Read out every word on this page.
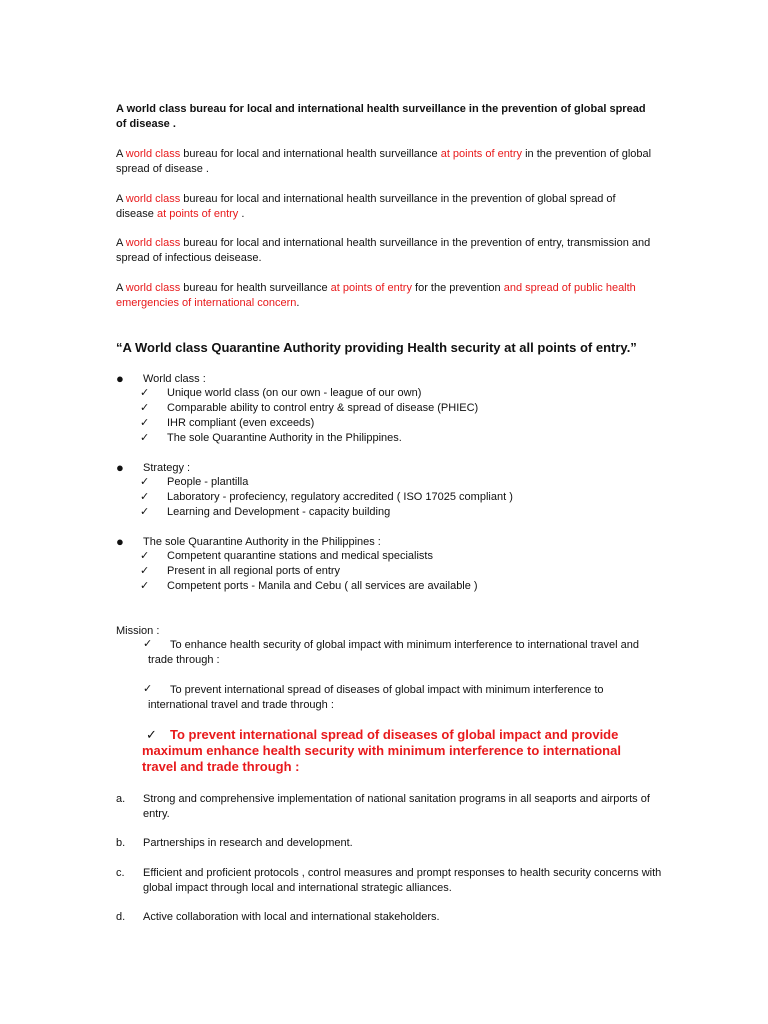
A world class bureau for local and international health surveillance in the prevention of global spread of disease .
A world class bureau for local and international health surveillance at points of entry in the prevention of global spread of disease .
A world class bureau for local and international health surveillance in the prevention of global spread of disease at points of entry .
A world class bureau for local and international health surveillance in the prevention of entry, transmission and spread of infectious deisease.
A world class bureau for health surveillance at points of entry for the prevention and spread of public health emergencies of international concern.
“A World class Quarantine Authority providing Health security at all points of entry.”
● World class :
✓ Unique world class (on our own - league of our own)
✓ Comparable ability to control entry & spread of disease (PHIEC)
✓ IHR compliant (even exceeds)
✓ The sole Quarantine Authority in the Philippines.
● Strategy :
✓ People - plantilla
✓ Laboratory - profeciency, regulatory accredited ( ISO 17025 compliant )
✓ Learning and Development - capacity building
● The sole Quarantine Authority in the Philippines :
✓ Competent quarantine stations and medical specialists
✓ Present in all regional ports of entry
✓ Competent ports - Manila and Cebu ( all services are available )
Mission :
✓	To enhance health security of global impact with minimum interference to international travel and trade through :
✓	To prevent international spread of diseases of global impact with minimum interference to international travel and trade through :
✓	To prevent international spread of diseases of global impact and provide maximum enhance health security with minimum interference to international travel and trade through :
a. Strong and comprehensive implementation of national sanitation programs in all seaports and airports of entry.
b. Partnerships in research and development.
c. Efficient and proficient protocols , control measures and prompt responses to health security concerns with global impact through local and international strategic alliances.
d. Active collaboration with local and international stakeholders.
